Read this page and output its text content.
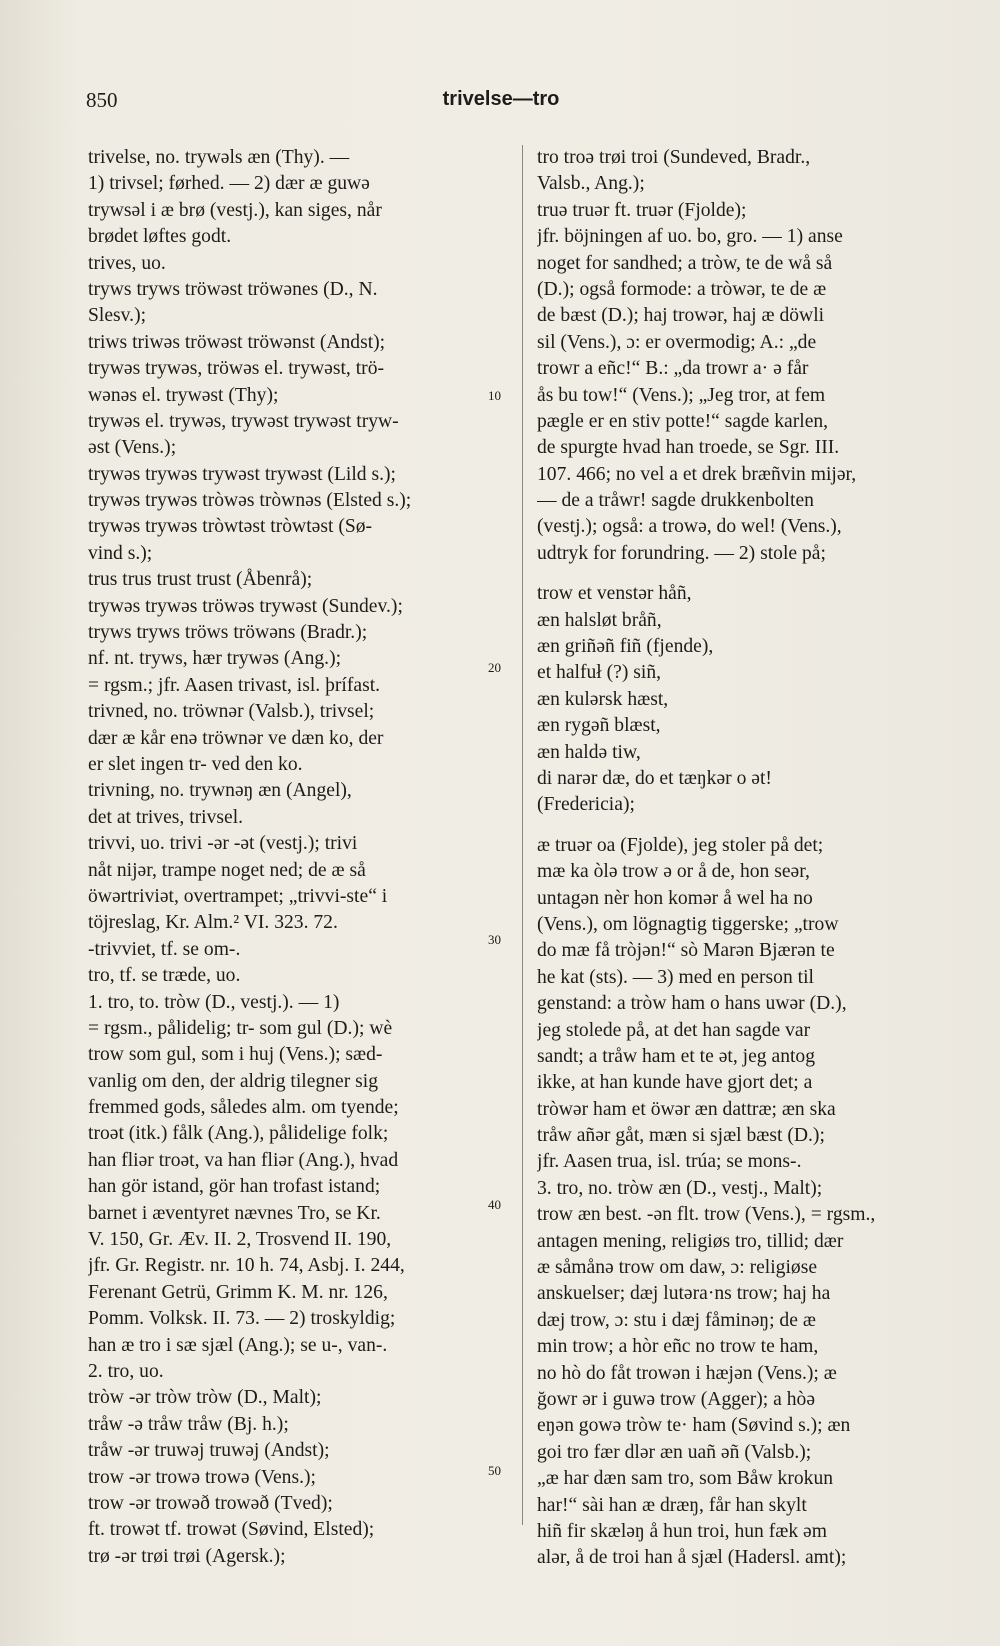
850	trivelse—tro
trivelse, no. trywəls æn (Thy). —
1) trivsel; førhed. — 2) dær æ guwə
trywsəl i æ brø (vestj.), kan siges, når
brødet løftes godt.
trives, uo.
tryws tryws tröwəst tröwənes (D., N.
Slesv.);
triws triwəs tröwəst tröwənst (Andst);
trywəs trywəs, tröwəs el. trywəst, trö-
wənəs el. trywəst (Thy);
trywəs el. trywəs, trywəst trywəst tryw-
əst (Vens.);
trywəs trywəs trywəst trywəst (Lild s.);
trywəs trywəs tròwəs tròwnəs (Elsted s.);
trywəs trywəs tròwtəst tròwtəst (Sø-
vind s.);
trus trus trust trust (Åbenrå);
trywəs trywəs tröwəs trywəst (Sundev.);
tryws tryws tröws tröwəns (Bradr.);
nf. nt. tryws, hær trywəs (Ang.);
= rgsm.; jfr. Aasen trivast, isl. þrífast.
trivned, no. tröwnər (Valsb.), trivsel;
dær æ kår enə tröwnər ve dæn ko, der
er slet ingen tr- ved den ko.
trivning, no. trywnəŋ æn (Angel),
det at trives, trivsel.
trivvi, uo. trivi -ər -ət (vestj.); trivi
nåt nijər, trampe noget ned; de æ så
öwərtriviət, overtrampet; „trivvi-ste“ i
töjreslag, Kr. Alm.² VI. 323. 72.
-trivviet, tf. se om-.
tro, tf. se træde, uo.
1. tro, to. tròw (D., vestj.). — 1)
= rgsm., pålidelig; tr- som gul (D.); wè
trow som gul, som i huj (Vens.); sæd-
vanlig om den, der aldrig tilegner sig
fremmed gods, således alm. om tyende;
troət (itk.) fålk (Ang.), pålidelige folk;
han fliər troət, va han fliər (Ang.), hvad
han gör istand, gör han trofast istand;
barnet i æventyret nævnes Tro, se Kr.
V. 150, Gr. Æv. II. 2, Trosvend II. 190,
jfr. Gr. Registr. nr. 10 h. 74, Asbj. I. 244,
Ferenant Getrü, Grimm K. M. nr. 126,
Pomm. Volksk. II. 73. — 2) troskyldig;
han æ tro i sæ sjæl (Ang.); se u-, van-.
2. tro, uo.
tròw -ər tròw tròw (D., Malt);
tråw -ə tråw tråw (Bj. h.);
tråw -ər truwəj truwəj (Andst);
trow -ər trowə trowə (Vens.);
trow -ər trowəð trowəð (Tved);
ft. trowət tf. trowət (Søvind, Elsted);
trø -ər trøi trøi (Agersk.);
tro troə trøi troi (Sundeved, Bradr.,
Valsb., Ang.);
truə truər ft. truər (Fjolde);
jfr. böjningen af uo. bo, gro. — 1) anse
noget for sandhed; a tròw, te de wå så
(D.); også formode: a tròwər, te de æ
de bæst (D.); haj trowər, haj æ döwli
sil (Vens.), ɔ: er overmodig; A.: „de
trowr a eñc!“ B.: „da trowr a· ə får
ås bu tow!“ (Vens.); „Jeg tror, at fem
pægle er en stiv potte!“ sagde karlen,
de spurgte hvad han troede, se Sgr. III.
107. 466; no vel a et drek bræñvin mijər,
— de a tråwr! sagde drukkenbolten
(vestj.); også: a trowə, do wel! (Vens.),
udtryk for forundring. — 2) stole på;
trow et venstər håñ,
æn halsløt bråñ,
æn griñəñ fiñ (fjende),
et halfuł (?) siñ,
æn kulərsk hæst,
æn rygəñ blæst,
æn haldə tiw,
di narər dæ, do et tæŋkər o ət!
(Fredericia);
æ truər oa (Fjolde), jeg stoler på det;
mæ ka òlə trow ə or å de, hon seər,
untagən nèr hon komər å wel ha no
(Vens.), om lögnagtig tiggerske; „trow
do mæ få tròjən!“ sò Marən Bjærən te
he kat (sts). — 3) med en person til
genstand: a tròw ham o hans uwər (D.),
jeg stolede på, at det han sagde var
sandt; a tråw ham et te ət, jeg antog
ikke, at han kunde have gjort det; a
tròwər ham et öwər æn dattræ; æn ska
tråw añər gåt, mæn si sjæl bæst (D.);
jfr. Aasen trua, isl. trúa; se mons-.
3. tro, no. tròw æn (D., vestj., Malt);
trow æn best. -ən flt. trow (Vens.), = rgsm.,
antagen mening, religiøs tro, tillid; dær
æ såmånə trow om daw, ɔ: religiøse
anskuelser; dæj lutəra·ns trow; haj ha
dæj trow, ɔ: stu i dæj fåminəŋ; de æ
min trow; a hòr eñc no trow te ham,
no hò do fåt trowən i hæjən (Vens.); æ
ğowr ər i guwə trow (Agger); a hòə
eŋən gowə tròw te· ham (Søvind s.); æn
goi tro fær dlər æn uañ əñ (Valsb.);
„æ har dæn sam tro, som Båw krokun
har!“ sài han æ dræŋ, får han skylt
hiñ fir skæləŋ å hun troi, hun fæk əm
alər, å de troi han å sjæl (Hadersl. amt);
10
20
30
40
50
